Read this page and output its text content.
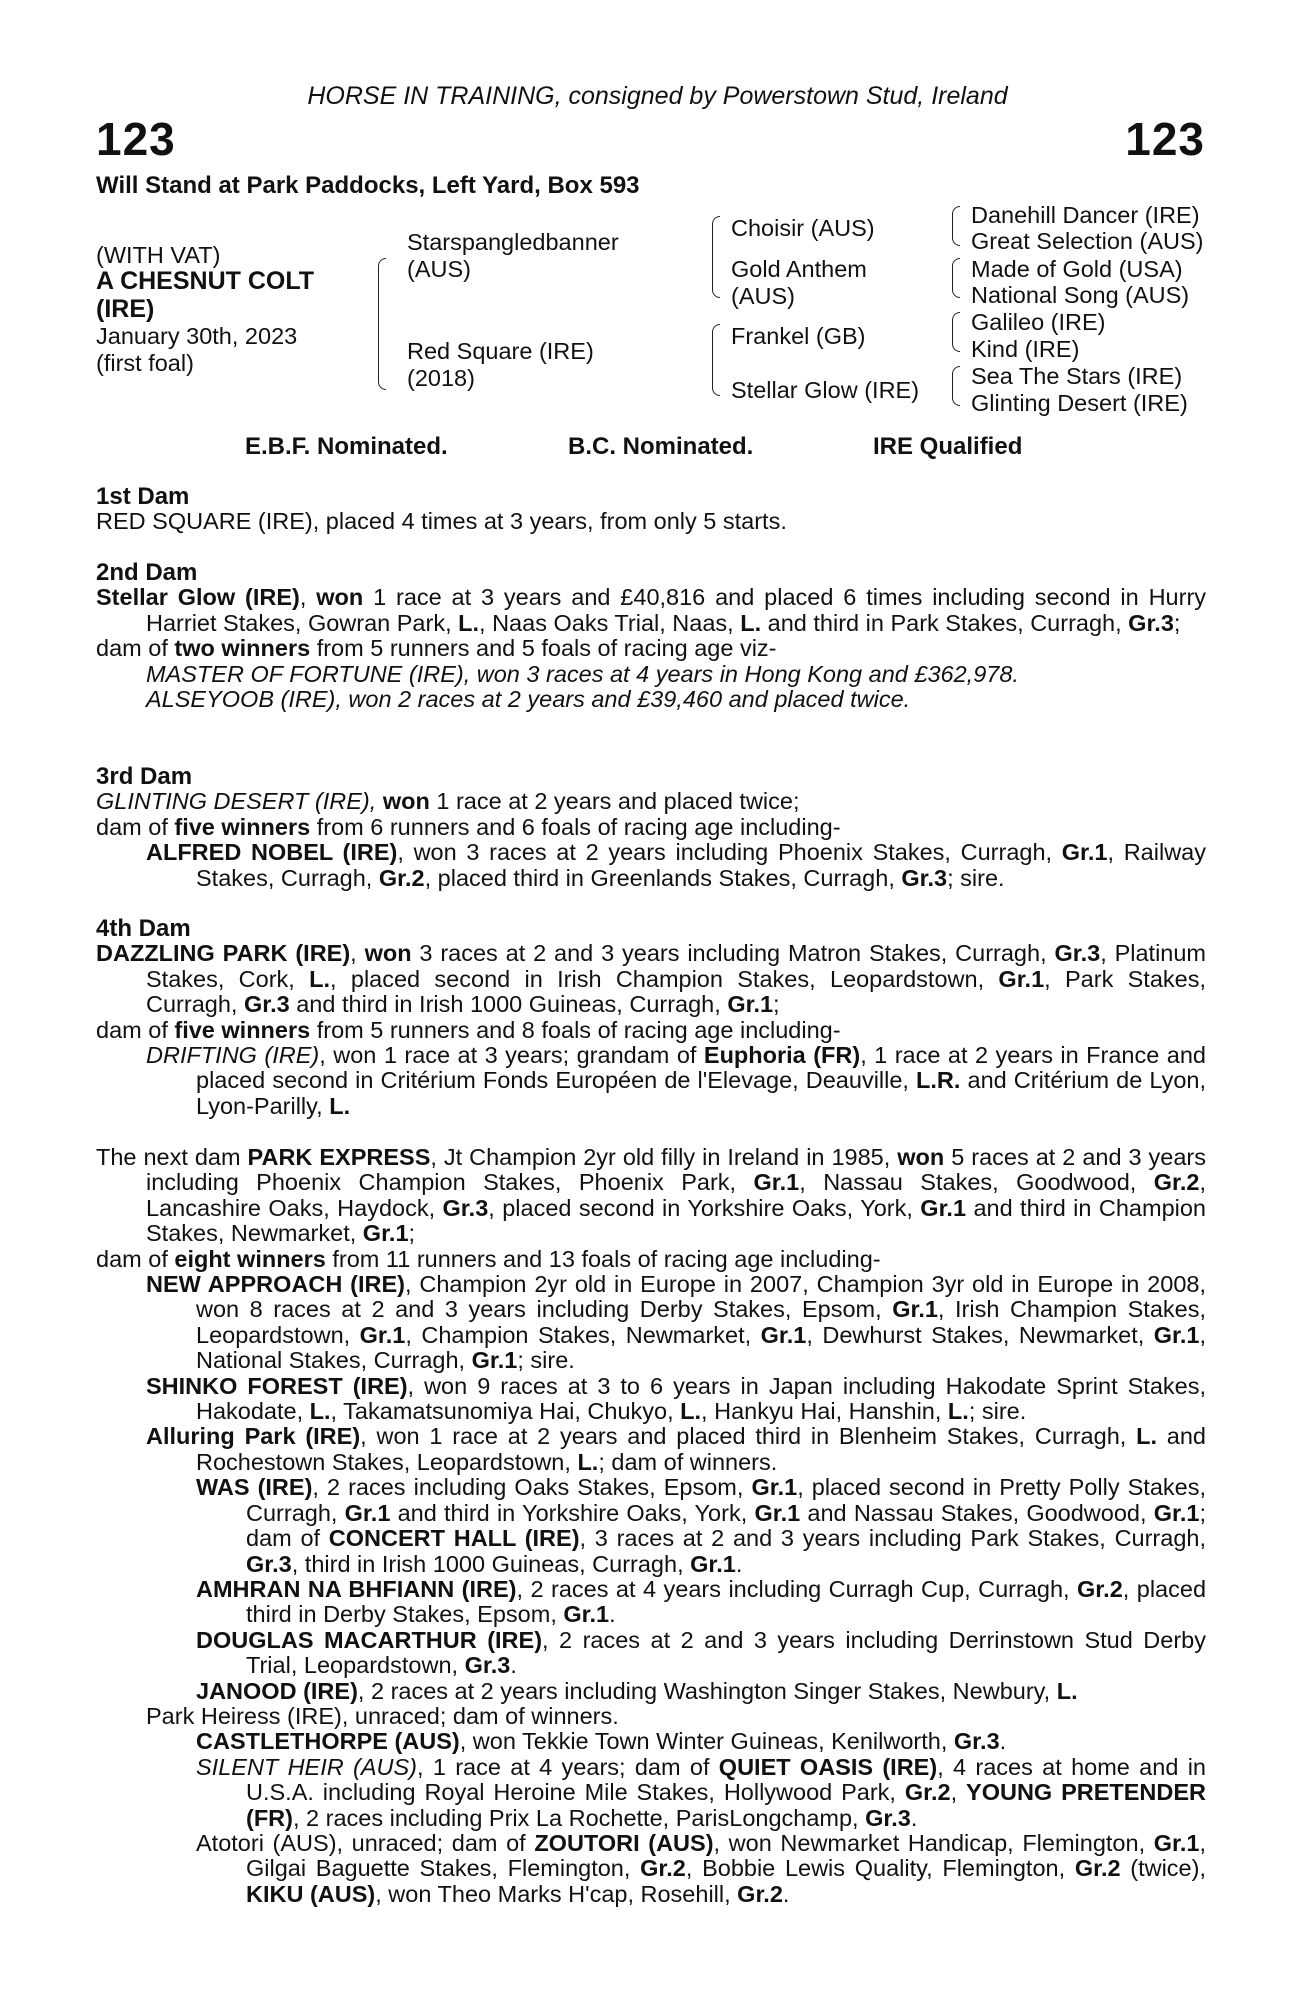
HORSE IN TRAINING, consigned by Powerstown Stud, Ireland
123	123
Will Stand at Park Paddocks, Left Yard, Box 593
(WITH VAT)
A CHESNUT COLT
(IRE)
January 30th, 2023
(first foal)
Starspangledbanner
(AUS)
Red Square (IRE)
(2018)
Choisir (AUS)
Gold Anthem
(AUS)
Frankel (GB)
Stellar Glow (IRE)
Danehill Dancer (IRE)
Great Selection (AUS)
Made of Gold (USA)
National Song (AUS)
Galileo (IRE)
Kind (IRE)
Sea The Stars (IRE)
Glinting Desert (IRE)
E.B.F. Nominated.	B.C. Nominated.	IRE Qualified

1st Dam

RED SQUARE (IRE), placed 4 times at 3 years, from only 5 starts.

2nd Dam

Stellar Glow (IRE), won 1 race at 3 years and £40,816 and placed 6 times including second in Hurry Harriet Stakes, Gowran Park, L., Naas Oaks Trial, Naas, L. and third in Park Stakes, Curragh, Gr.3;

dam of two winners from 5 runners and 5 foals of racing age viz-

MASTER OF FORTUNE (IRE), won 3 races at 4 years in Hong Kong and £362,978.

ALSEYOOB (IRE), won 2 races at 2 years and £39,460 and placed twice.

3rd Dam

GLINTING DESERT (IRE), won 1 race at 2 years and placed twice;

dam of five winners from 6 runners and 6 foals of racing age including-

ALFRED NOBEL (IRE), won 3 races at 2 years including Phoenix Stakes, Curragh, Gr.1, Railway Stakes, Curragh, Gr.2, placed third in Greenlands Stakes, Curragh, Gr.3; sire.

4th Dam

DAZZLING PARK (IRE), won 3 races at 2 and 3 years including Matron Stakes, Curragh, Gr.3, Platinum Stakes, Cork, L., placed second in Irish Champion Stakes, Leopardstown, Gr.1, Park Stakes, Curragh, Gr.3 and third in Irish 1000 Guineas, Curragh, Gr.1;

dam of five winners from 5 runners and 8 foals of racing age including-

DRIFTING (IRE), won 1 race at 3 years; grandam of Euphoria (FR), 1 race at 2 years in France and placed second in Critérium Fonds Européen de l'Elevage, Deauville, L.R. and Critérium de Lyon, Lyon-Parilly, L.

The next dam PARK EXPRESS, Jt Champion 2yr old filly in Ireland in 1985, won 5 races at 2 and 3 years including Phoenix Champion Stakes, Phoenix Park, Gr.1, Nassau Stakes, Goodwood, Gr.2, Lancashire Oaks, Haydock, Gr.3, placed second in Yorkshire Oaks, York, Gr.1 and third in Champion Stakes, Newmarket, Gr.1;

dam of eight winners from 11 runners and 13 foals of racing age including-

NEW APPROACH (IRE), Champion 2yr old in Europe in 2007, Champion 3yr old in Europe in 2008, won 8 races at 2 and 3 years including Derby Stakes, Epsom, Gr.1, Irish Champion Stakes, Leopardstown, Gr.1, Champion Stakes, Newmarket, Gr.1, Dewhurst Stakes, Newmarket, Gr.1, National Stakes, Curragh, Gr.1; sire.

SHINKO FOREST (IRE), won 9 races at 3 to 6 years in Japan including Hakodate Sprint Stakes, Hakodate, L., Takamatsunomiya Hai, Chukyo, L., Hankyu Hai, Hanshin, L.; sire.

Alluring Park (IRE), won 1 race at 2 years and placed third in Blenheim Stakes, Curragh, L. and Rochestown Stakes, Leopardstown, L.; dam of winners.

WAS (IRE), 2 races including Oaks Stakes, Epsom, Gr.1, placed second in Pretty Polly Stakes, Curragh, Gr.1 and third in Yorkshire Oaks, York, Gr.1 and Nassau Stakes, Goodwood, Gr.1; dam of CONCERT HALL (IRE), 3 races at 2 and 3 years including Park Stakes, Curragh, Gr.3, third in Irish 1000 Guineas, Curragh, Gr.1.

AMHRAN NA BHFIANN (IRE), 2 races at 4 years including Curragh Cup, Curragh, Gr.2, placed third in Derby Stakes, Epsom, Gr.1.

DOUGLAS MACARTHUR (IRE), 2 races at 2 and 3 years including Derrinstown Stud Derby Trial, Leopardstown, Gr.3.

JANOOD (IRE), 2 races at 2 years including Washington Singer Stakes, Newbury, L.

Park Heiress (IRE), unraced; dam of winners.

CASTLETHORPE (AUS), won Tekkie Town Winter Guineas, Kenilworth, Gr.3.

SILENT HEIR (AUS), 1 race at 4 years; dam of QUIET OASIS (IRE), 4 races at home and in U.S.A. including Royal Heroine Mile Stakes, Hollywood Park, Gr.2, YOUNG PRETENDER (FR), 2 races including Prix La Rochette, ParisLongchamp, Gr.3.

Atotori (AUS), unraced; dam of ZOUTORI (AUS), won Newmarket Handicap, Flemington, Gr.1, Gilgai Baguette Stakes, Flemington, Gr.2, Bobbie Lewis Quality, Flemington, Gr.2 (twice), KIKU (AUS), won Theo Marks H'cap, Rosehill, Gr.2.
